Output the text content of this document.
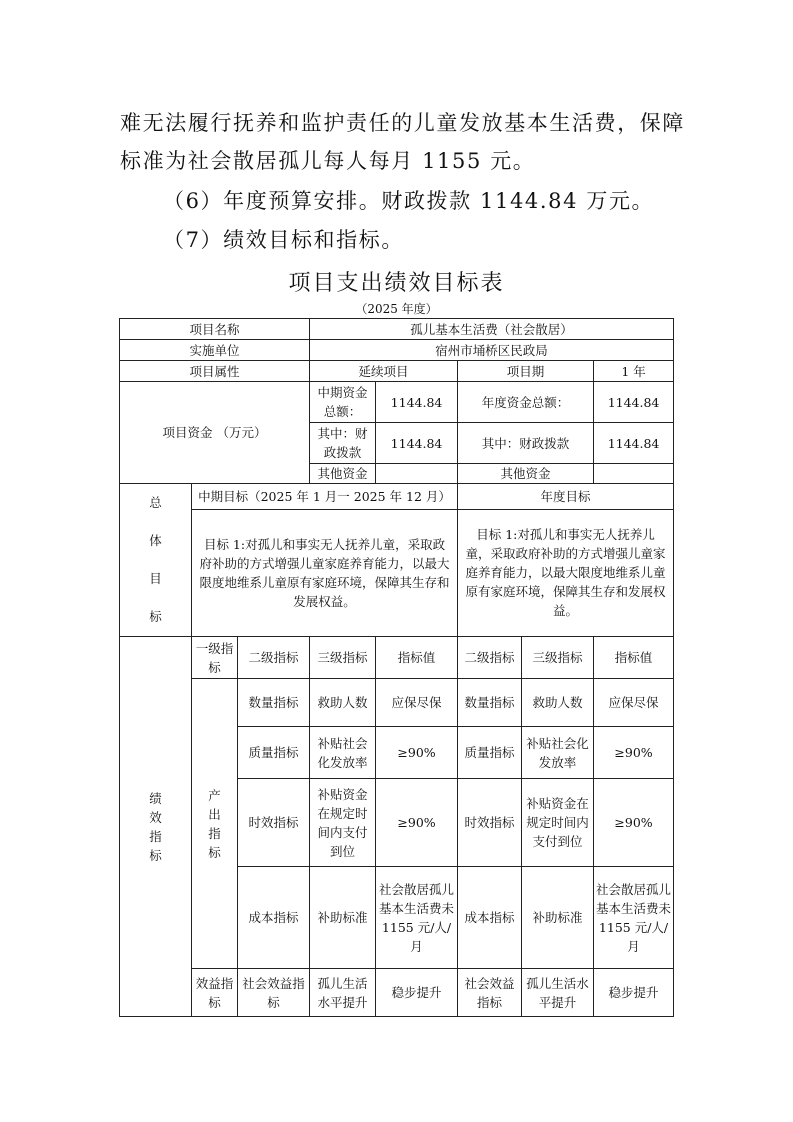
难无法履行抚养和监护责任的儿童发放基本生活费，保障
标准为社会散居孤儿每人每月 1155 元。
（6）年度预算安排。财政拨款 1144.84 万元。
（7）绩效目标和指标。
项目支出绩效目标表
（2025 年度）
项目名称			孤儿基本生活费（社会散居）				
实施单位			宿州市埇桥区民政局				
项目属性			延续项目		项目期		1 年
项目资金 （万元）			中期资金总额：	1144.84	年度资金总额：		1144.84
			其中：财政拨款	1144.84	其中：财政拨款		1144.84
			其他资金		其他资金		

总体目标	中期目标（2025 年 1 月一 2025 年 12 月）				年度目标		
	目标 1:对孤儿和事实无人抚养儿童，采取政府补助的方式增强儿童家庭养育能力，以最大限度地维系儿童原有家庭环境，保障其生存和发展权益。				目标 1:对孤儿和事实无人抚养儿童，采取政府补助的方式增强儿童家庭养育能力，以最大限度地维系儿童原有家庭环境，保障其生存和发展权益。		
绩效指标	一级指标	二级指标	三级指标	指标值	二级指标	三级指标	指标值
	产出指标	数量指标	救助人数	应保尽保	数量指标	救助人数	应保尽保
		质量指标	补贴社会化发放率	≥90%	质量指标	补贴社会化发放率	≥90%
		时效指标	补贴资金在规定时间内支付到位	≥90%	时效指标	补贴资金在规定时间内支付到位	≥90%
		成本指标	补助标准	社会散居孤儿基本生活费未 1155 元/人/月	成本指标	补助标准	社会散居孤儿基本生活费未 1155 元/人/月
	效益指标	社会效益指标	孤儿生活水平提升	稳步提升	社会效益指标	孤儿生活水平提升	稳步提升
